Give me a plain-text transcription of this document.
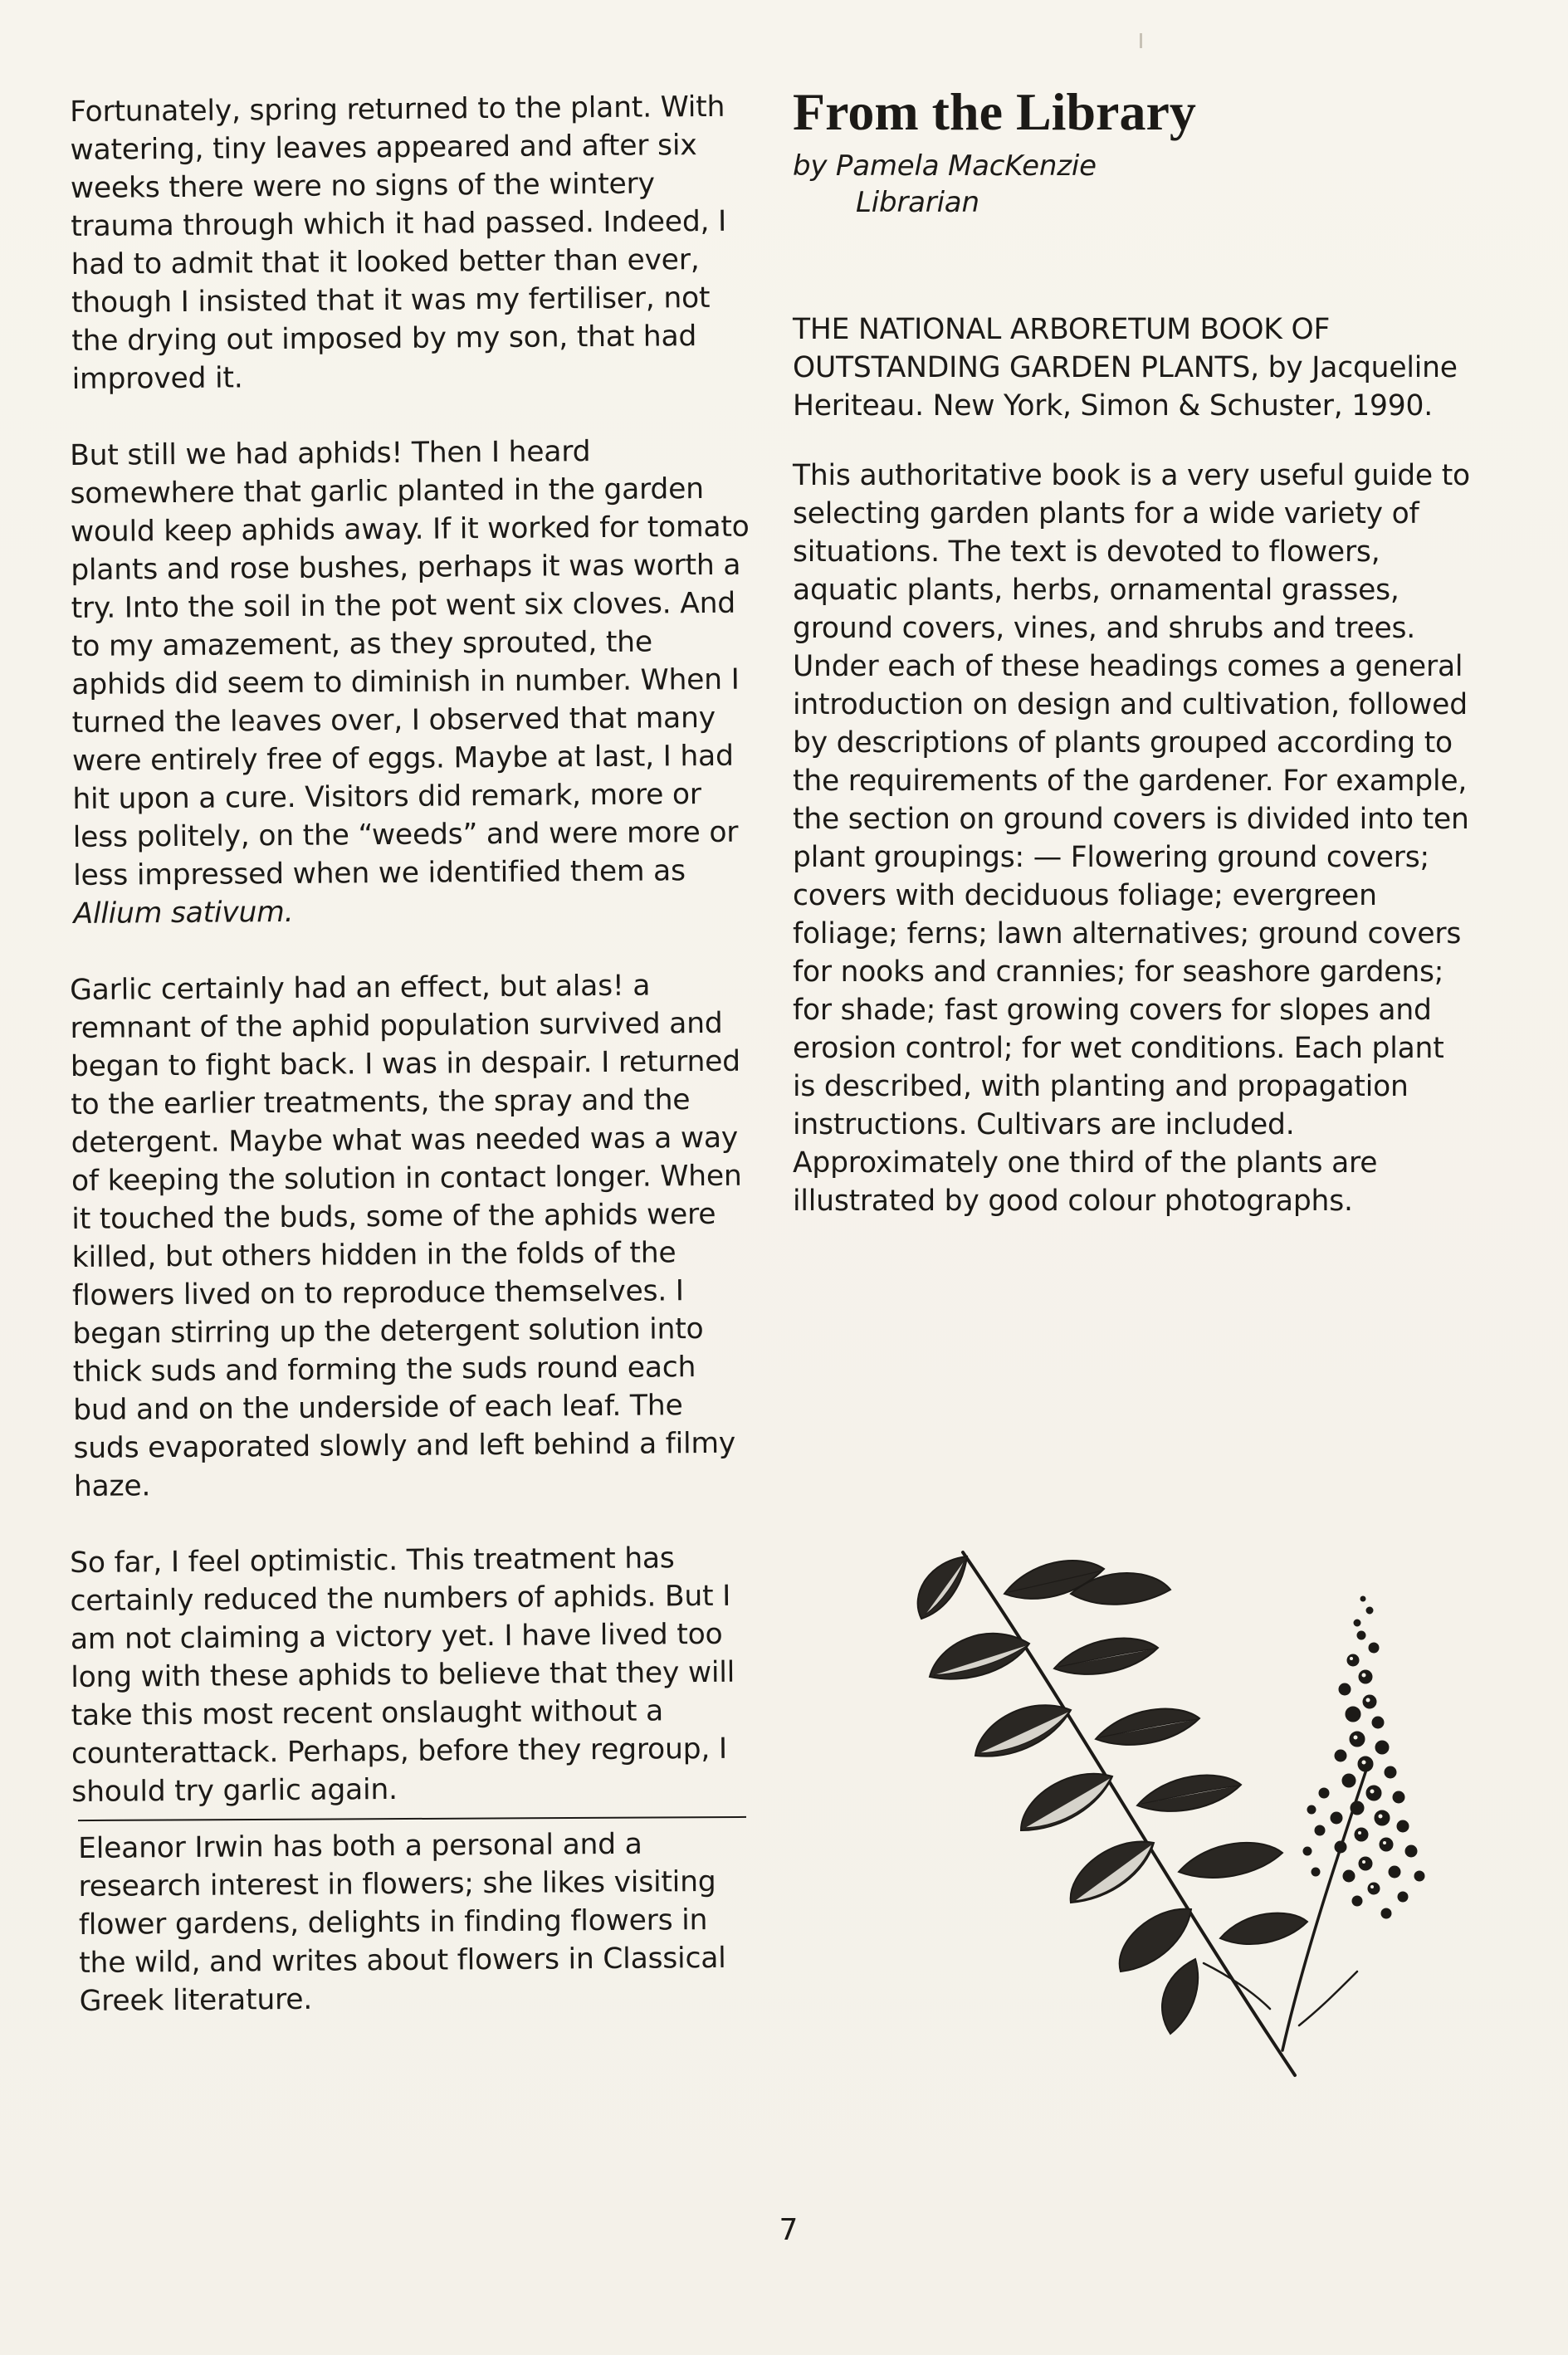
Fortunately, spring returned to the plant. With watering, tiny leaves appeared and after six weeks there were no signs of the wintery trauma through which it had passed. Indeed, I had to admit that it looked better than ever, though I insisted that it was my fertiliser, not the drying out imposed by my son, that had improved it.

But still we had aphids! Then I heard somewhere that garlic planted in the garden would keep aphids away. If it worked for tomato plants and rose bushes, perhaps it was worth a try. Into the soil in the pot went six cloves. And to my amazement, as they sprouted, the aphids did seem to diminish in number. When I turned the leaves over, I observed that many were entirely free of eggs. Maybe at last, I had hit upon a cure. Visitors did remark, more or less politely, on the “weeds” and were more or less impressed when we identified them as
Allium sativum.

Garlic certainly had an effect, but alas! a remnant of the aphid population survived and began to fight back. I was in despair. I returned to the earlier treatments, the spray and the detergent. Maybe what was needed was a way of keeping the solution in contact longer. When it touched the buds, some of the aphids were killed, but others hidden in the folds of the flowers lived on to reproduce themselves. I began stirring up the detergent solution into thick suds and forming the suds round each bud and on the underside of each leaf. The suds evaporated slowly and left behind a filmy haze.

So far, I feel optimistic. This treatment has certainly reduced the numbers of aphids. But I am not claiming a victory yet. I have lived too long with these aphids to believe that they will take this most recent onslaught without a counterattack. Perhaps, before they regroup, I should try garlic again.

Eleanor Irwin has both a personal and a research interest in flowers; she likes visiting flower gardens, delights in finding flowers in the wild, and writes about flowers in Classical Greek literature.

From the Library
by Pamela MacKenzie
Librarian

THE NATIONAL ARBORETUM BOOK OF OUTSTANDING GARDEN PLANTS, by Jacqueline Heriteau. New York, Simon & Schuster, 1990.

This authoritative book is a very useful guide to selecting garden plants for a wide variety of situations. The text is devoted to flowers, aquatic plants, herbs, ornamental grasses, ground covers, vines, and shrubs and trees. Under each of these headings comes a general introduction on design and cultivation, followed by descriptions of plants grouped according to the requirements of the gardener. For example, the section on ground covers is divided into ten plant groupings: — Flowering ground covers; covers with deciduous foliage; evergreen foliage; ferns; lawn alternatives; ground covers for nooks and crannies; for seashore gardens; for shade; fast growing covers for slopes and erosion control; for wet conditions. Each plant is described, with planting and propagation instructions. Cultivars are included. Approximately one third of the plants are illustrated by good colour photographs.

7
